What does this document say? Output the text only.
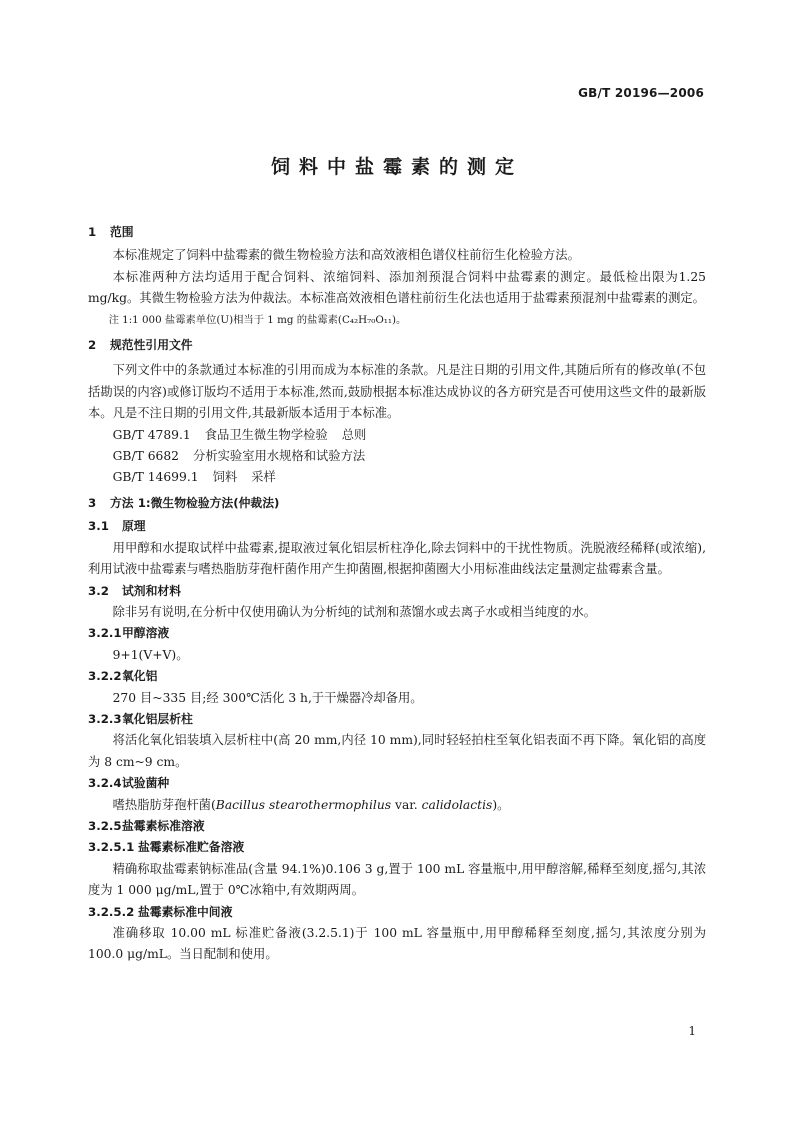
GB/T 20196—2006
饲料中盐霉素的测定

1 范围

本标准规定了饲料中盐霉素的微生物检验方法和高效液相色谱仪柱前衍生化检验方法。

本标准两种方法均适用于配合饲料、浓缩饲料、添加剂预混合饲料中盐霉素的测定。最低检出限为1.25 mg/kg。其微生物检验方法为仲裁法。本标准高效液相色谱柱前衍生化法也适用于盐霉素预混剂中盐霉素的测定。

注 1:1 000 盐霉素单位(U)相当于 1 mg 的盐霉素(C₄₂H₇₀O₁₁)。

2 规范性引用文件

下列文件中的条款通过本标准的引用而成为本标准的条款。凡是注日期的引用文件,其随后所有的修改单(不包括勘误的内容)或修订版均不适用于本标准,然而,鼓励根据本标准达成协议的各方研究是否可使用这些文件的最新版本。凡是不注日期的引用文件,其最新版本适用于本标准。

GB/T 4789.1 食品卫生微生物学检验 总则

GB/T 6682 分析实验室用水规格和试验方法

GB/T 14699.1 饲料 采样

3 方法 1:微生物检验方法(仲裁法)

3.1 原理

用甲醇和水提取试样中盐霉素,提取液过氧化铝层析柱净化,除去饲料中的干扰性物质。洗脱液经稀释(或浓缩),利用试液中盐霉素与嗜热脂肪芽孢杆菌作用产生抑菌圈,根据抑菌圈大小用标准曲线法定量测定盐霉素含量。

3.2 试剂和材料

除非另有说明,在分析中仅使用确认为分析纯的试剂和蒸馏水或去离子水或相当纯度的水。

3.2.1甲醇溶液

9+1(V+V)。

3.2.2氧化铝

270 目~335 目;经 300℃活化 3 h,于干燥器冷却备用。

3.2.3氧化铝层析柱

将活化氧化铝装填入层析柱中(高 20 mm,内径 10 mm),同时轻轻拍柱至氧化铝表面不再下降。氧化铝的高度为 8 cm~9 cm。

3.2.4试验菌种

嗜热脂肪芽孢杆菌(Bacillus stearothermophilus var. calidolactis)。

3.2.5盐霉素标准溶液

3.2.5.1 盐霉素标准贮备溶液

精确称取盐霉素钠标准品(含量 94.1%)0.106 3 g,置于 100 mL 容量瓶中,用甲醇溶解,稀释至刻度,摇匀,其浓度为 1 000 μg/mL,置于 0℃冰箱中,有效期两周。

3.2.5.2 盐霉素标准中间液

准确移取 10.00 mL 标准贮备液(3.2.5.1)于 100 mL 容量瓶中,用甲醇稀释至刻度,摇匀,其浓度分别为 100.0 μg/mL。当日配制和使用。

1
